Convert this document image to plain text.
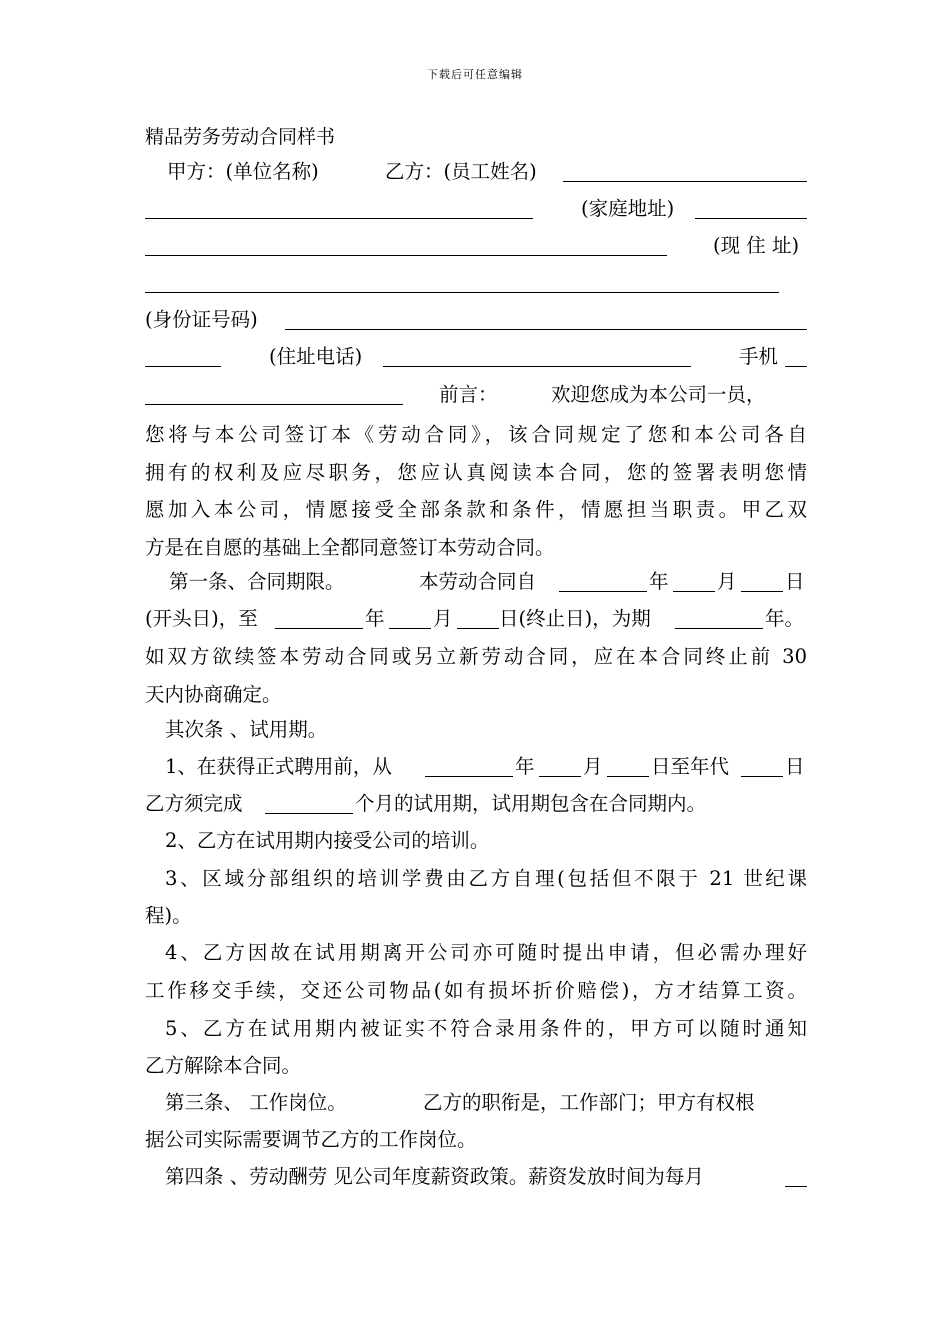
下载后可任意编辑
精品劳务劳动合同样书
甲方：(单位名称)	乙方：(员工姓名)
(家庭地址)
(现 住 址)
(身份证号码)
(住址电话)	手机
前言：	欢迎您成为本公司一员，
您将与本公司签订本《劳动合同》，该合同规定了您和本公司各自
拥有的权利及应尽职务，您应认真阅读本合同，您的签署表明您情
愿加入本公司，情愿接受全部条款和条件，情愿担当职责。甲乙双
方是在自愿的基础上全都同意签订本劳动合同。
第一条、合同期限。	本劳动合同自	年 月 日
(开头日)，至	年 月 日(终止日)，为期	年。
如双方欲续签本劳动合同或另立新劳动合同，应在本合同终止前 30
天内协商确定。
其次条 、试用期。
1、在获得正式聘用前，从	年 月 日至年代	日
乙方须完成	个月的试用期，试用期包含在合同期内。
2、乙方在试用期内接受公司的培训。
3、区域分部组织的培训学费由乙方自理(包括但不限于 21 世纪课
程)。
4、乙方因故在试用期离开公司亦可随时提出申请，但必需办理好
工作移交手续，交还公司物品(如有损坏折价赔偿)，方才结算工资。
5、乙方在试用期内被证实不符合录用条件的，甲方可以随时通知
乙方解除本合同。
第三条、 工作岗位。	乙方的职衔是，工作部门；甲方有权根
据公司实际需要调节乙方的工作岗位。
第四条 、劳动酬劳 见公司年度薪资政策。薪资发放时间为每月
